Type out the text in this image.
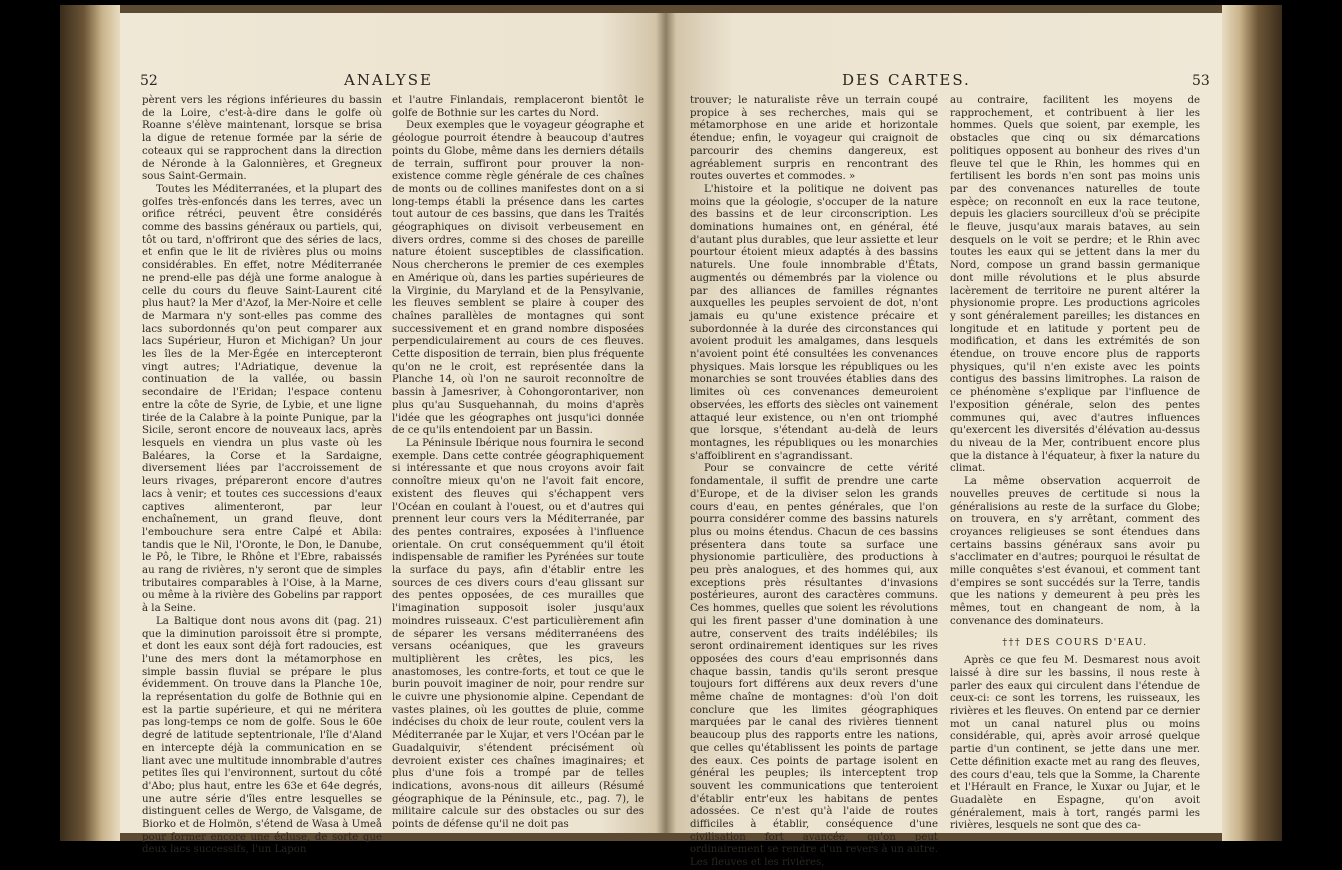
52	ANALYSE

pèrent vers les régions inférieures du bassin de la Loire, c'est-à-dire dans le golfe où Roanne s'élève maintenant, lorsque se brisa la digue de retenue formée par la série de coteaux qui se rapprochent dans la direction de Néronde à la Galonnières, et Gregneux sous Saint-Germain.

Toutes les Méditerranées, et la plupart des golfes très-enfoncés dans les terres, avec un orifice rétréci, peuvent être considérés comme des bassins généraux ou partiels, qui, tôt ou tard, n'offriront que des séries de lacs, et enfin que le lit de rivières plus ou moins considérables. En effet, notre Méditerranée ne prend-elle pas déjà une forme analogue à celle du cours du fleuve Saint-Laurent cité plus haut? la Mer d'Azof, la Mer-Noire et celle de Marmara n'y sont-elles pas comme des lacs subordonnés qu'on peut comparer aux lacs Supérieur, Huron et Michigan? Un jour les îles de la Mer-Égée en intercepteront vingt autres; l'Adriatique, devenue la continuation de la vallée, ou bassin secondaire de l'Eridan; l'espace contenu entre la côte de Syrie, de Lybie, et une ligne tirée de la Calabre à la pointe Punique, par la Sicile, seront encore de nouveaux lacs, après lesquels en viendra un plus vaste où les Baléares, la Corse et la Sardaigne, diversement liées par l'accroissement de leurs rivages, prépareront encore d'autres lacs à venir; et toutes ces successions d'eaux captives alimenteront, par leur enchaînement, un grand fleuve, dont l'embouchure sera entre Calpé et Abila: tandis que le Nil, l'Oronte, le Don, le Danube, le Pô, le Tibre, le Rhône et l'Ebre, rabaissés au rang de rivières, n'y seront que de simples tributaires comparables à l'Oise, à la Marne, ou même à la rivière des Gobelins par rapport à la Seine.

La Baltique dont nous avons dit (pag. 21) que la diminution paroissoit être si prompte, et dont les eaux sont déjà fort radoucies, est l'une des mers dont la métamorphose en simple bassin fluvial se prépare le plus évidemment. On trouve dans la Planche 10e, la représentation du golfe de Bothnie qui en est la partie supérieure, et qui ne méritera pas long-temps ce nom de golfe. Sous le 60e degré de latitude septentrionale, l'île d'Aland en intercepte déjà la communication en se liant avec une multitude innombrable d'autres petites îles qui l'environnent, surtout du côté d'Abo; plus haut, entre les 63e et 64e degrés, une autre série d'îles entre lesquelles se distinguent celles de Wergo, de Valsgame, de Biorko et de Holmön, s'étend de Wasa à Umeå pour former encore une écluse, de sorte que deux lacs successifs, l'un Lapon

et l'autre Finlandais, remplaceront bientôt le golfe de Bothnie sur les cartes du Nord.

Deux exemples que le voyageur géographe et géologue pourroit étendre à beaucoup d'autres points du Globe, même dans les derniers détails de terrain, suffiront pour prouver la non-existence comme règle générale de ces chaînes de monts ou de collines manifestes dont on a si long-temps établi la présence dans les cartes tout autour de ces bassins, que dans les Traités géographiques on divisoit verbeusement en divers ordres, comme si des choses de pareille nature étoient susceptibles de classification. Nous chercherons le premier de ces exemples en Amérique où, dans les parties supérieures de la Virginie, du Maryland et de la Pensylvanie, les fleuves semblent se plaire à couper des chaînes parallèles de montagnes qui sont successivement et en grand nombre disposées perpendiculairement au cours de ces fleuves. Cette disposition de terrain, bien plus fréquente qu'on ne le croit, est représentée dans la Planche 14, où l'on ne sauroit reconnoître de bassin à Jamesriver, à Cohongorontariver, non plus qu'au Susquehannah, du moins d'après l'idée que les géographes ont jusqu'ici donnée de ce qu'ils entendoient par un Bassin.

La Péninsule Ibérique nous fournira le second exemple. Dans cette contrée géographiquement si intéressante et que nous croyons avoir fait connoître mieux qu'on ne l'avoit fait encore, existent des fleuves qui s'échappent vers l'Océan en coulant à l'ouest, ou et d'autres qui prennent leur cours vers la Méditerranée, par des pentes contraires, exposées à l'influence orientale. On crut conséquemment qu'il étoit indispensable de ramifier les Pyrénées sur toute la surface du pays, afin d'établir entre les sources de ces divers cours d'eau glissant sur des pentes opposées, de ces murailles que l'imagination supposoit isoler jusqu'aux moindres ruisseaux. C'est particulièrement afin de séparer les versans méditerranéens des versans océaniques, que les graveurs multiplièrent les crêtes, les pics, les anastomoses, les contre-forts, et tout ce que le burin pouvoit imaginer de noir, pour rendre sur le cuivre une physionomie alpine. Cependant de vastes plaines, où les gouttes de pluie, comme indécises du choix de leur route, coulent vers la Méditerranée par le Xujar, et vers l'Océan par le Guadalquivir, s'étendent précisément où devroient exister ces chaînes imaginaires; et plus d'une fois a trompé par de telles indications, avons-nous dit ailleurs (Résumé géographique de la Péninsule, etc., pag. 7), le militaire calcule sur des obstacles ou sur des points de défense qu'il ne doit pas

DES CARTES.	53

trouver; le naturaliste rêve un terrain coupé propice à ses recherches, mais qui se métamorphose en une aride et horizontale étendue; enfin, le voyageur qui craignoit de parcourir des chemins dangereux, est agréablement surpris en rencontrant des routes ouvertes et commodes. »

L'histoire et la politique ne doivent pas moins que la géologie, s'occuper de la nature des bassins et de leur circonscription. Les dominations humaines ont, en général, été d'autant plus durables, que leur assiette et leur pourtour étoient mieux adaptés à des bassins naturels. Une foule innombrable d'États, augmentés ou démembrés par la violence ou par des alliances de familles régnantes auxquelles les peuples servoient de dot, n'ont jamais eu qu'une existence précaire et subordonnée à la durée des circonstances qui avoient produit les amalgames, dans lesquels n'avoient point été consultées les convenances physiques. Mais lorsque les républiques ou les monarchies se sont trouvées établies dans des limites où ces convenances demeuroient observées, les efforts des siècles ont vainement attaqué leur existence, ou n'en ont triomphé que lorsque, s'étendant au-delà de leurs montagnes, les républiques ou les monarchies s'affoiblirent en s'agrandissant.

Pour se convaincre de cette vérité fondamentale, il suffit de prendre une carte d'Europe, et de la diviser selon les grands cours d'eau, en pentes générales, que l'on pourra considérer comme des bassins naturels plus ou moins étendus. Chacun de ces bassins présentera dans toute sa surface une physionomie particulière, des productions à peu près analogues, et des hommes qui, aux exceptions près résultantes d'invasions postérieures, auront des caractères communs. Ces hommes, quelles que soient les révolutions qui les firent passer d'une domination à une autre, conservent des traits indélébiles; ils seront ordinairement identiques sur les rives opposées des cours d'eau emprisonnés dans chaque bassin, tandis qu'ils seront presque toujours fort différens aux deux revers d'une même chaîne de montagnes: d'où l'on doit conclure que les limites géographiques marquées par le canal des rivières tiennent beaucoup plus des rapports entre les nations, que celles qu'établissent les points de partage des eaux. Ces points de partage isolent en général les peuples; ils interceptent trop souvent les communications que tenteroient d'établir entr'eux les habitans de pentes adossées. Ce n'est qu'à l'aide de routes difficiles à établir, conséquence d'une civilisation fort avancée, qu'on peut ordinairement se rendre d'un revers à un autre. Les fleuves et les rivières,

au contraire, facilitent les moyens de rapprochement, et contribuent à lier les hommes. Quels que soient, par exemple, les obstacles que cinq ou six démarcations politiques opposent au bonheur des rives d'un fleuve tel que le Rhin, les hommes qui en fertilisent les bords n'en sont pas moins unis par des convenances naturelles de toute espèce; on reconnoît en eux la race teutone, depuis les glaciers sourcilleux d'où se précipite le fleuve, jusqu'aux marais bataves, au sein desquels on le voit se perdre; et le Rhin avec toutes les eaux qui se jettent dans la mer du Nord, compose un grand bassin germanique dont mille révolutions et le plus absurde lacèrement de territoire ne purent altérer la physionomie propre. Les productions agricoles y sont généralement pareilles; les distances en longitude et en latitude y portent peu de modification, et dans les extrémités de son étendue, on trouve encore plus de rapports physiques, qu'il n'en existe avec les points contigus des bassins limitrophes. La raison de ce phénomène s'explique par l'influence de l'exposition générale, selon des pentes communes qui, avec d'autres influences qu'exercent les diversités d'élévation au-dessus du niveau de la Mer, contribuent encore plus que la distance à l'équateur, à fixer la nature du climat.

La même observation acquerroit de nouvelles preuves de certitude si nous la généralisions au reste de la surface du Globe; on trouvera, en s'y arrêtant, comment des croyances religieuses se sont étendues dans certains bassins généraux sans avoir pu s'acclimater en d'autres; pourquoi le résultat de mille conquêtes s'est évanoui, et comment tant d'empires se sont succédés sur la Terre, tandis que les nations y demeurent à peu près les mêmes, tout en changeant de nom, à la convenance des dominateurs.

††† DES COURS D'EAU.

Après ce que feu M. Desmarest nous avoit laissé à dire sur les bassins, il nous reste à parler des eaux qui circulent dans l'étendue de ceux-ci: ce sont les torrens, les ruisseaux, les rivières et les fleuves. On entend par ce dernier mot un canal naturel plus ou moins considérable, qui, après avoir arrosé quelque partie d'un continent, se jette dans une mer. Cette définition exacte met au rang des fleuves, des cours d'eau, tels que la Somme, la Charente et l'Hérault en France, le Xuxar ou Jujar, et le Guadalète en Espagne, qu'on avoit généralement, mais à tort, rangés parmi les rivières, lesquels ne sont que des ca-
